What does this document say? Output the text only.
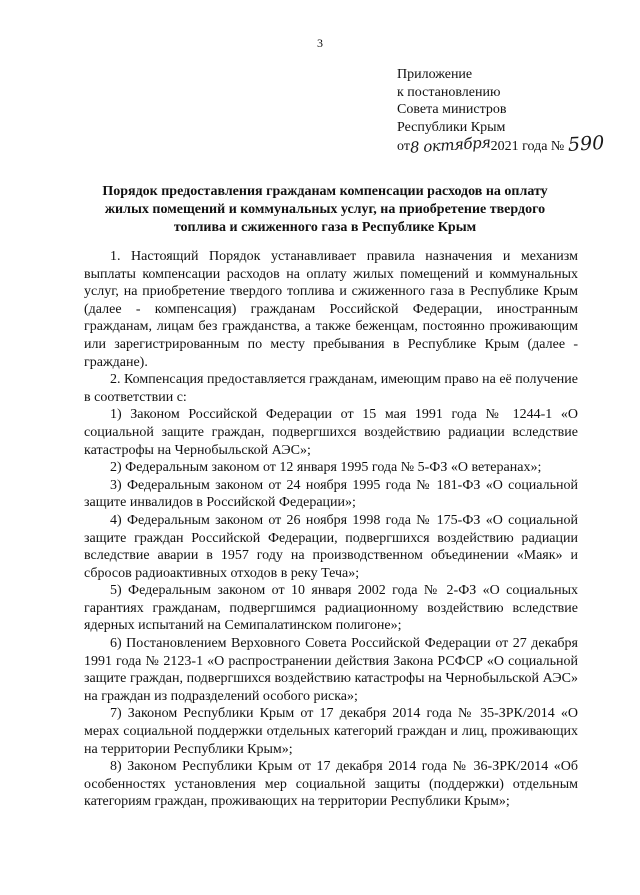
3
Приложение
к постановлению
Совета министров
Республики Крым
от8 октября2021 года № 590
Порядок предоставления гражданам компенсации расходов на оплату жилых помещений и коммунальных услуг, на приобретение твердого топлива и сжиженного газа в Республике Крым

1. Настоящий Порядок устанавливает правила назначения и механизм выплаты компенсации расходов на оплату жилых помещений и коммунальных услуг, на приобретение твердого топлива и сжиженного газа в Республике Крым (далее - компенсация) гражданам Российской Федерации, иностранным гражданам, лицам без гражданства, а также беженцам, постоянно проживающим или зарегистрированным по месту пребывания в Республике Крым (далее - граждане).

2. Компенсация предоставляется гражданам, имеющим право на её получение в соответствии с:

1) Законом Российской Федерации от 15 мая 1991 года № 1244-1 «О социальной защите граждан, подвергшихся воздействию радиации вследствие катастрофы на Чернобыльской АЭС»;

2) Федеральным законом от 12 января 1995 года № 5-ФЗ «О ветеранах»;

3) Федеральным законом от 24 ноября 1995 года № 181-ФЗ «О социальной защите инвалидов в Российской Федерации»;

4) Федеральным законом от 26 ноября 1998 года № 175-ФЗ «О социальной защите граждан Российской Федерации, подвергшихся воздействию радиации вследствие аварии в 1957 году на производственном объединении «Маяк» и сбросов радиоактивных отходов в реку Теча»;

5) Федеральным законом от 10 января 2002 года № 2-ФЗ «О социальных гарантиях гражданам, подвергшимся радиационному воздействию вследствие ядерных испытаний на Семипалатинском полигоне»;

6) Постановлением Верховного Совета Российской Федерации от 27 декабря 1991 года № 2123-1 «О распространении действия Закона РСФСР «О социальной защите граждан, подвергшихся воздействию катастрофы на Чернобыльской АЭС» на граждан из подразделений особого риска»;

7) Законом Республики Крым от 17 декабря 2014 года № 35-ЗРК/2014 «О мерах социальной поддержки отдельных категорий граждан и лиц, проживающих на территории Республики Крым»;

8) Законом Республики Крым от 17 декабря 2014 года № 36-ЗРК/2014 «Об особенностях установления мер социальной защиты (поддержки) отдельным категориям граждан, проживающих на территории Республики Крым»;
